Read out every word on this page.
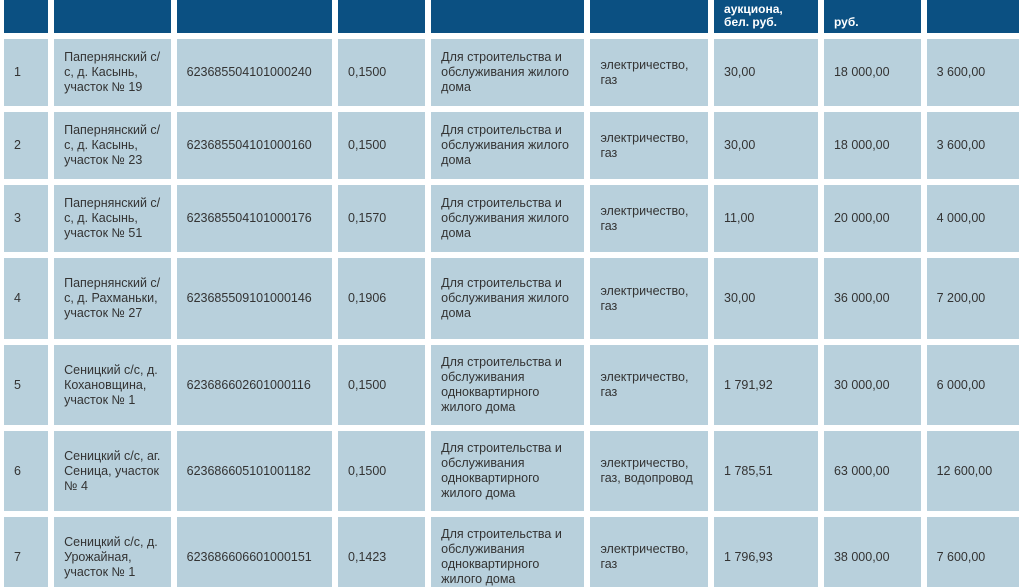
						аукциона, бел. руб.	руб.	
1	Папернянский с/с, д. Касынь, участок № 19	623685504101000240	0,1500	Для строительства и обслуживания жилого дома	электричество, газ	30,00	18 000,00	3 600,00
2	Папернянский с/с, д. Касынь, участок № 23	623685504101000160	0,1500	Для строительства и обслуживания жилого дома	электричество, газ	30,00	18 000,00	3 600,00
3	Папернянский с/с, д. Касынь, участок № 51	623685504101000176	0,1570	Для строительства и обслуживания жилого дома	электричество, газ	11,00	20 000,00	4 000,00
4	Папернянский с/с, д. Рахманьки, участок № 27	623685509101000146	0,1906	Для строительства и обслуживания жилого дома	электричество, газ	30,00	36 000,00	7 200,00
5	Сеницкий с/с, д. Кохановщина, участок № 1	623686602601000116	0,1500	Для строительства и обслуживания одноквартирного жилого дома	электричество, газ	1 791,92	30 000,00	6 000,00
6	Сеницкий с/с, аг. Сеница, участок № 4	623686605101001182	0,1500	Для строительства и обслуживания одноквартирного жилого дома	электричество, газ, водопровод	1 785,51	63 000,00	12 600,00
7	Сеницкий с/с, д. Урожайная, участок № 1	623686606601000151	0,1423	Для строительства и обслуживания одноквартирного жилого дома	электричество, газ	1 796,93	38 000,00	7 600,00
